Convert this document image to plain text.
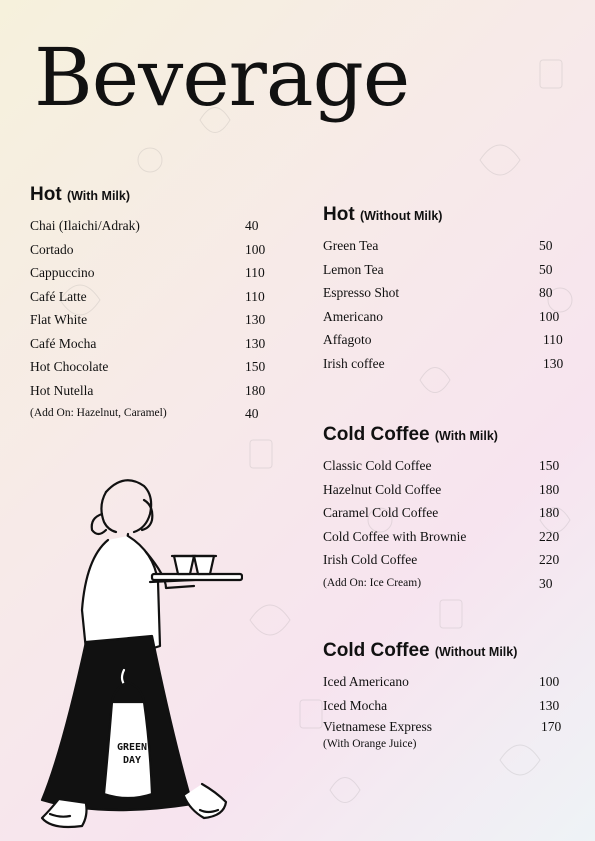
Beverage
Hot (With Milk)
Chai (Ilaichi/Adrak)	40
Cortado	100
Cappuccino	110
Café Latte	110
Flat White	130
Café Mocha	130
Hot Chocolate	150
Hot Nutella	180
(Add On: Hazelnut, Caramel)	40
Hot (Without Milk)
Green Tea	50
Lemon Tea	50
Espresso Shot	80
Americano	100
Affagoto	110
Irish coffee	130
Cold Coffee (With Milk)
Classic Cold Coffee	150
Hazelnut Cold Coffee	180
Caramel Cold Coffee	180
Cold Coffee with Brownie	220
Irish Cold Coffee	220
(Add On: Ice Cream)	30
Cold Coffee (Without Milk)
Iced Americano	100
Iced Mocha	130
Vietnamese Express	170
(With Orange Juice)
GREEN
DAY
